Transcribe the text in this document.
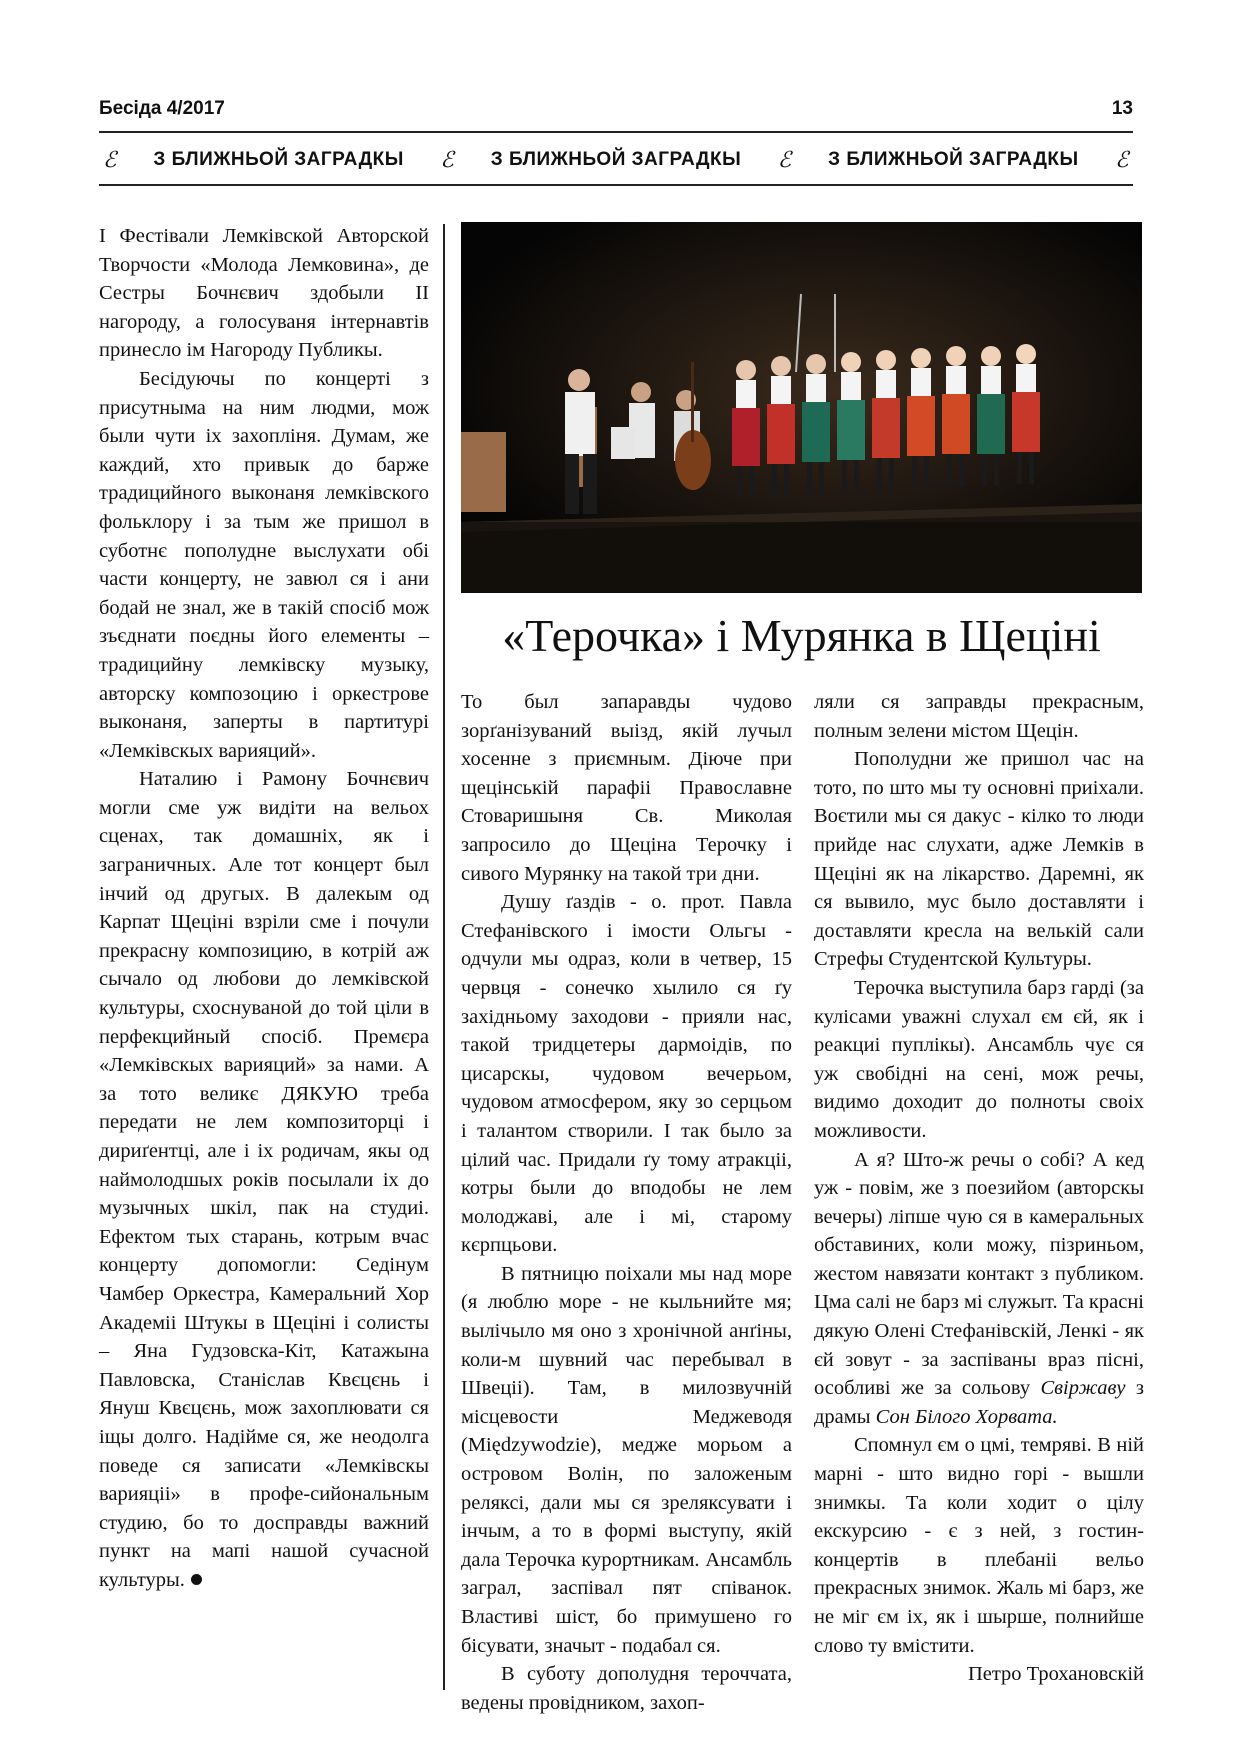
Бесіда 4/2017	13
ℰ З БЛИЖНЬОЙ ЗАГРАДКЫ ℰ З БЛИЖНЬОЙ ЗАГРАДКЫ ℰ З БЛИЖНЬОЙ ЗАГРАДКЫ ℰ

І Фестівали Лемківской Авторской Творчости «Молода Лемковина», де Сестры Бочнєвич здобыли ІІ нагороду, а голосуваня інтернавтів принесло ім Нагороду Публикы.

Бесідуючы по концерті з присутныма на ним людми, мож были чути іх захопліня. Думам, же каждий, хто привык до барже традицийного выконаня лемківского фольклору і за тым же пришол в суботнє пополудне выслухати обі части концерту, не завюл ся і ани бодай не знал, же в такій спосіб мож зъєднати поєдны його елементы – традицийну лемківску музыку, авторску композоцию і оркестрове выконаня, заперты в партитурі «Лемківскых варияций».

Наталию і Рамону Бочнєвич могли сме уж видіти на вельох сценах, так домашніх, як і заграничных. Але тот концерт был інчий од другых. В далекым од Карпат Щеціні взріли сме і почули прекрасну композицию, в котрій аж сычало од любови до лемківской культуры, схоснуваной до той ціли в перфекцийный спосіб. Премєра «Лемківскых варияций» за нами. А за тото великє ДЯКУЮ треба передати не лем композиторці і дириґентці, але і іх родичам, якы од наймолодшых років посылали іх до музычных шкіл, пак на студиі. Ефектом тых старань, котрым вчас концерту допомогли: Седінум Чамбер Оркестра, Камеральний Хор Академіі Штукы в Щеціні і солисты – Яна Гудзовска-Кіт, Катажына Павловска, Станіслав Квєцєнь і Януш Квєцєнь, мож захоплювати ся іщы долго. Надійме ся, же неодолга поведе ся записати «Лемківскы варияціі» в профе-сийональным студию, бо то досправды важний пункт на мапі нашой сучасной культуры.

«Терочка» і Мурянка в Щеціні

То был запаравды чудово зорґанізуваний выізд, якій лучыл хосенне з приємным. Діюче при щецінській парафіі Православне Стоваришыня Св. Миколая запросило до Щеціна Терочку і сивого Мурянку на такой три дни.

Душу ґаздів - о. прот. Павла Стефанівского і імости Ольгы - одчули мы одраз, коли в четвер, 15 червця - сонечко хылило ся ґу західньому заходови - прияли нас, такой тридцетеры дармоідів, по цисарскы, чудовом вечерьом, чудовом атмосфером, яку зо серцьом і талантом створили. І так было за цілий час. Придали ґу тому атракціі, котры были до вподобы не лем молоджаві, але і мі, старому кєрпцьови.

В пятницю поіхали мы над море (я люблю море - не кыльнийте мя; вылічыло мя оно з хронічной анґіны, коли-м шувний час перебывал в Швеціі). Там, в милозвучній місцевости Меджеводя (Międzywodzie), медже морьом а островом Волін, по заложеным реляксі, дали мы ся зреляксувати і інчым, а то в формі выступу, якій дала Терочка курортникам. Ансамбль заграл, заспівал пят співанок. Властиві шіст, бо примушено го бісувати, значыт - подабал ся.

В суботу дополудня тероччата, ведены провідником, захоп-

ляли ся заправды прекрасным, полным зелени містом Щецін.

Пополудни же пришол час на тото, по што мы ту основні приіхали. Воєтили мы ся дакус - кілко то люди прийде нас слухати, адже Лемків в Щеціні як на лікарство. Даремні, як ся вывило, мус было доставляти і доставляти кресла на велькій сали Стрефы Студентской Культуры.

Терочка выступила барз гарді (за кулісами уважні слухал єм єй, як і реакциі пуплікы). Ансамбль чує ся уж свобідні на сені, мож речы, видимо доходит до полноты своіх можливости.

А я? Што-ж речы о собі? А кед уж - повім, же з поезийом (авторскы вечеры) ліпше чую ся в камеральных обставиних, коли можу, пізриньом, жестом навязати контакт з публиком. Цма салі не барз мі служыт. Та красні дякую Олені Стефанівскій, Ленкі - як єй зовут - за заспіваны враз пісні, особливі же за сольову Свіржаву з драмы Сон Білого Хорвата.

Спомнул єм о цмі, темряві. В ній марні - што видно горі - вышли знимкы. Та коли ходит о цілу екскурсию - є з ней, з гостин-концертів в плебаніі вельо прекрасных знимок. Жаль мі барз, же не міг єм іх, як і шырше, полнийше слово ту вмістити.

Петро Трохановскій
